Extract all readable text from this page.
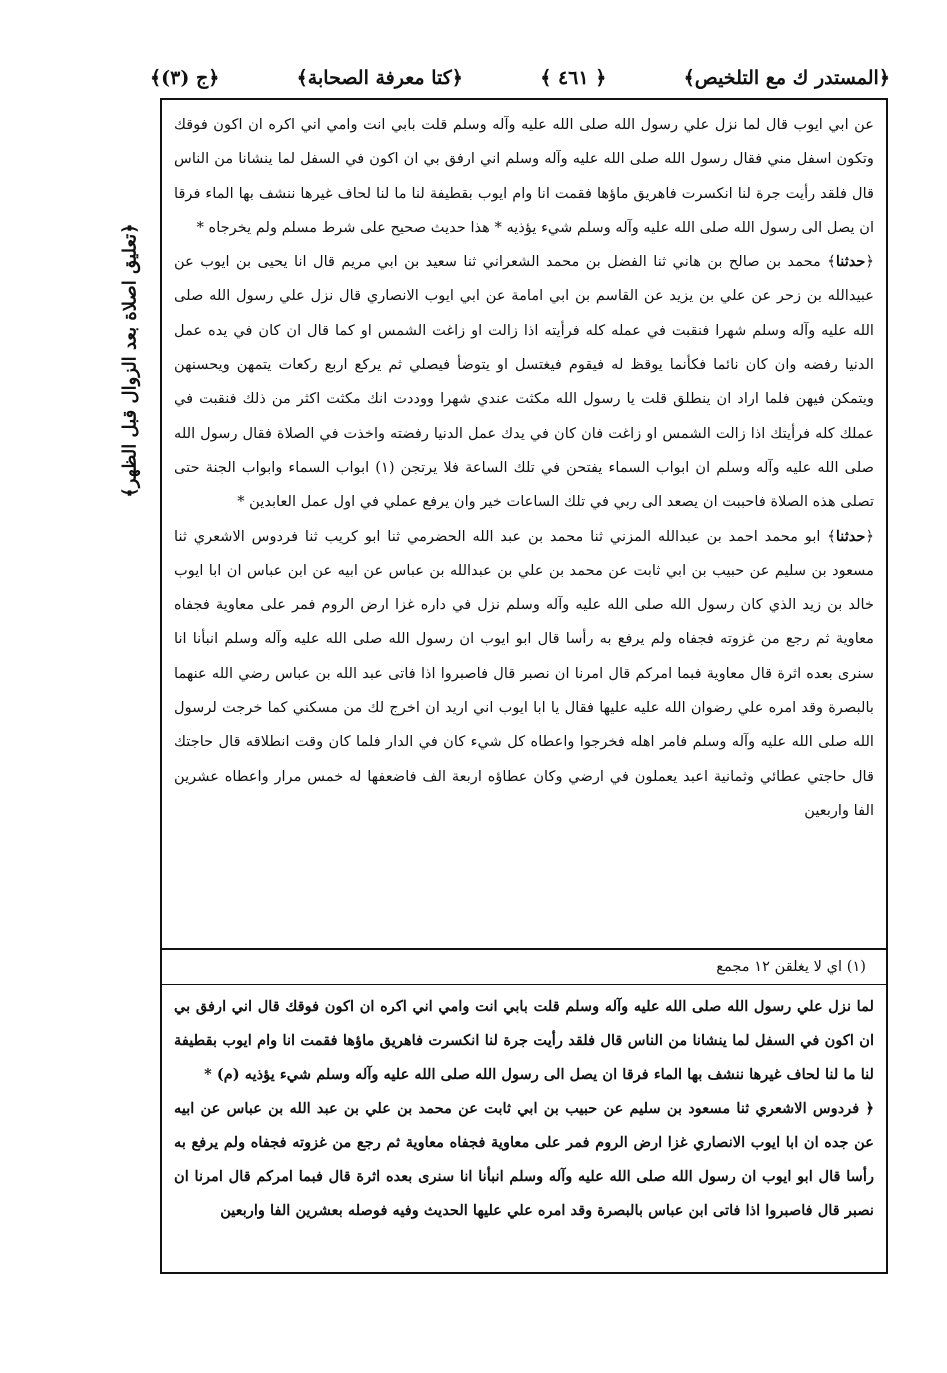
﴿المستدر ك مع التلخيص﴾
﴿ ٤٦١ ﴾
﴿كتا معرفة الصحابة﴾
﴿ج (٣)﴾
﴿تعليق اصلاة بعد الزوال قبل الظهر﴾

عن ابي ايوب قال لما نزل علي رسول الله صلى الله عليه وآله وسلم قلت بابي انت وامي اني اكره ان اكون فوقك وتكون اسفل مني فقال رسول الله صلى الله عليه وآله وسلم اني ارفق بي ان اكون في السفل لما ينشانا من الناس قال فلقد رأيت جرة لنا انكسرت فاهريق ماؤها فقمت انا وام ايوب بقطيفة لنا ما لنا لحاف غيرها ننشف بها الماء فرقا ان يصل الى رسول الله صلى الله عليه وآله وسلم شيء يؤذيه * هذا حديث صحيح على شرط مسلم ولم يخرجاه *

﴿حدثنا﴾ محمد بن صالح بن هاني ثنا الفضل بن محمد الشعراني ثنا سعيد بن ابي مريم قال انا يحيى بن ايوب عن عبيدالله بن زحر عن علي بن يزيد عن القاسم بن ابي امامة عن ابي ايوب الانصاري قال نزل علي رسول الله صلى الله عليه وآله وسلم شهرا فنقبت في عمله كله فرأيته اذا زالت او زاغت الشمس او كما قال ان كان في يده عمل الدنيا رفضه وان كان نائما فكأنما يوقظ له فيقوم فيغتسل او يتوضأ فيصلي ثم يركع اربع ركعات يتمهن ويحسنهن ويتمكن فيهن فلما اراد ان ينطلق قلت يا رسول الله مكثت عندي شهرا ووددت انك مكثت اكثر من ذلك فنقبت في عملك كله فرأيتك اذا زالت الشمس او زاغت فان كان في يدك عمل الدنيا رفضته واخذت في الصلاة فقال رسول الله صلى الله عليه وآله وسلم ان ابواب السماء يفتحن في تلك الساعة فلا يرتجن (١) ابواب السماء وابواب الجنة حتى تصلى هذه الصلاة فاحببت ان يصعد الى ربي في تلك الساعات خير وان يرفع عملي في اول عمل العابدين *

﴿حدثنا﴾ ابو محمد احمد بن عبدالله المزني ثنا محمد بن عبد الله الحضرمي ثنا ابو كريب ثنا فردوس الاشعري ثنا مسعود بن سليم عن حبيب بن ابي ثابت عن محمد بن علي بن عبدالله بن عباس عن ابيه عن ابن عباس ان ابا ايوب خالد بن زيد الذي كان رسول الله صلى الله عليه وآله وسلم نزل في داره غزا ارض الروم فمر على معاوية فجفاه معاوية ثم رجع من غزوته فجفاه ولم يرفع به رأسا قال ابو ايوب ان رسول الله صلى الله عليه وآله وسلم انبأنا انا سنرى بعده اثرة قال معاوية فبما امركم قال امرنا ان نصبر قال فاصبروا اذا فاتى عبد الله بن عباس رضي الله عنهما بالبصرة وقد امره علي رضوان الله عليه عليها فقال يا ابا ايوب اني اريد ان اخرج لك من مسكني كما خرجت لرسول الله صلى الله عليه وآله وسلم فامر اهله فخرجوا واعطاه كل شيء كان في الدار فلما كان وقت انطلاقه قال حاجتك قال حاجتي عطائي وثمانية اعبد يعملون في ارضي وكان عطاؤه اربعة الف فاضعفها له خمس مرار واعطاه عشرين الفا واربعين

(١) اي لا يغلقن ١٢ مجمع

لما نزل علي رسول الله صلى الله عليه وآله وسلم قلت بابي انت وامي اني اكره ان اكون فوقك قال اني ارفق بي ان اكون في السفل لما ينشانا من الناس قال فلقد رأيت جرة لنا انكسرت فاهريق ماؤها فقمت انا وام ايوب بقطيفة لنا ما لنا لحاف غيرها ننشف بها الماء فرقا ان يصل الى رسول الله صلى الله عليه وآله وسلم شيء يؤذيه (م) *

﴿ فردوس الاشعري ثنا مسعود بن سليم عن حبيب بن ابي ثابت عن محمد بن علي بن عبد الله بن عباس عن ابيه عن جده ان ابا ايوب الانصاري غزا ارض الروم فمر على معاوية فجفاه معاوية ثم رجع من غزوته فجفاه ولم يرفع به رأسا قال ابو ايوب ان رسول الله صلى الله عليه وآله وسلم انبأنا انا سنرى بعده اثرة قال فبما امركم قال امرنا ان نصبر قال فاصبروا اذا فاتى ابن عباس بالبصرة وقد امره علي عليها الحديث وفيه فوصله بعشرين الفا واربعين
